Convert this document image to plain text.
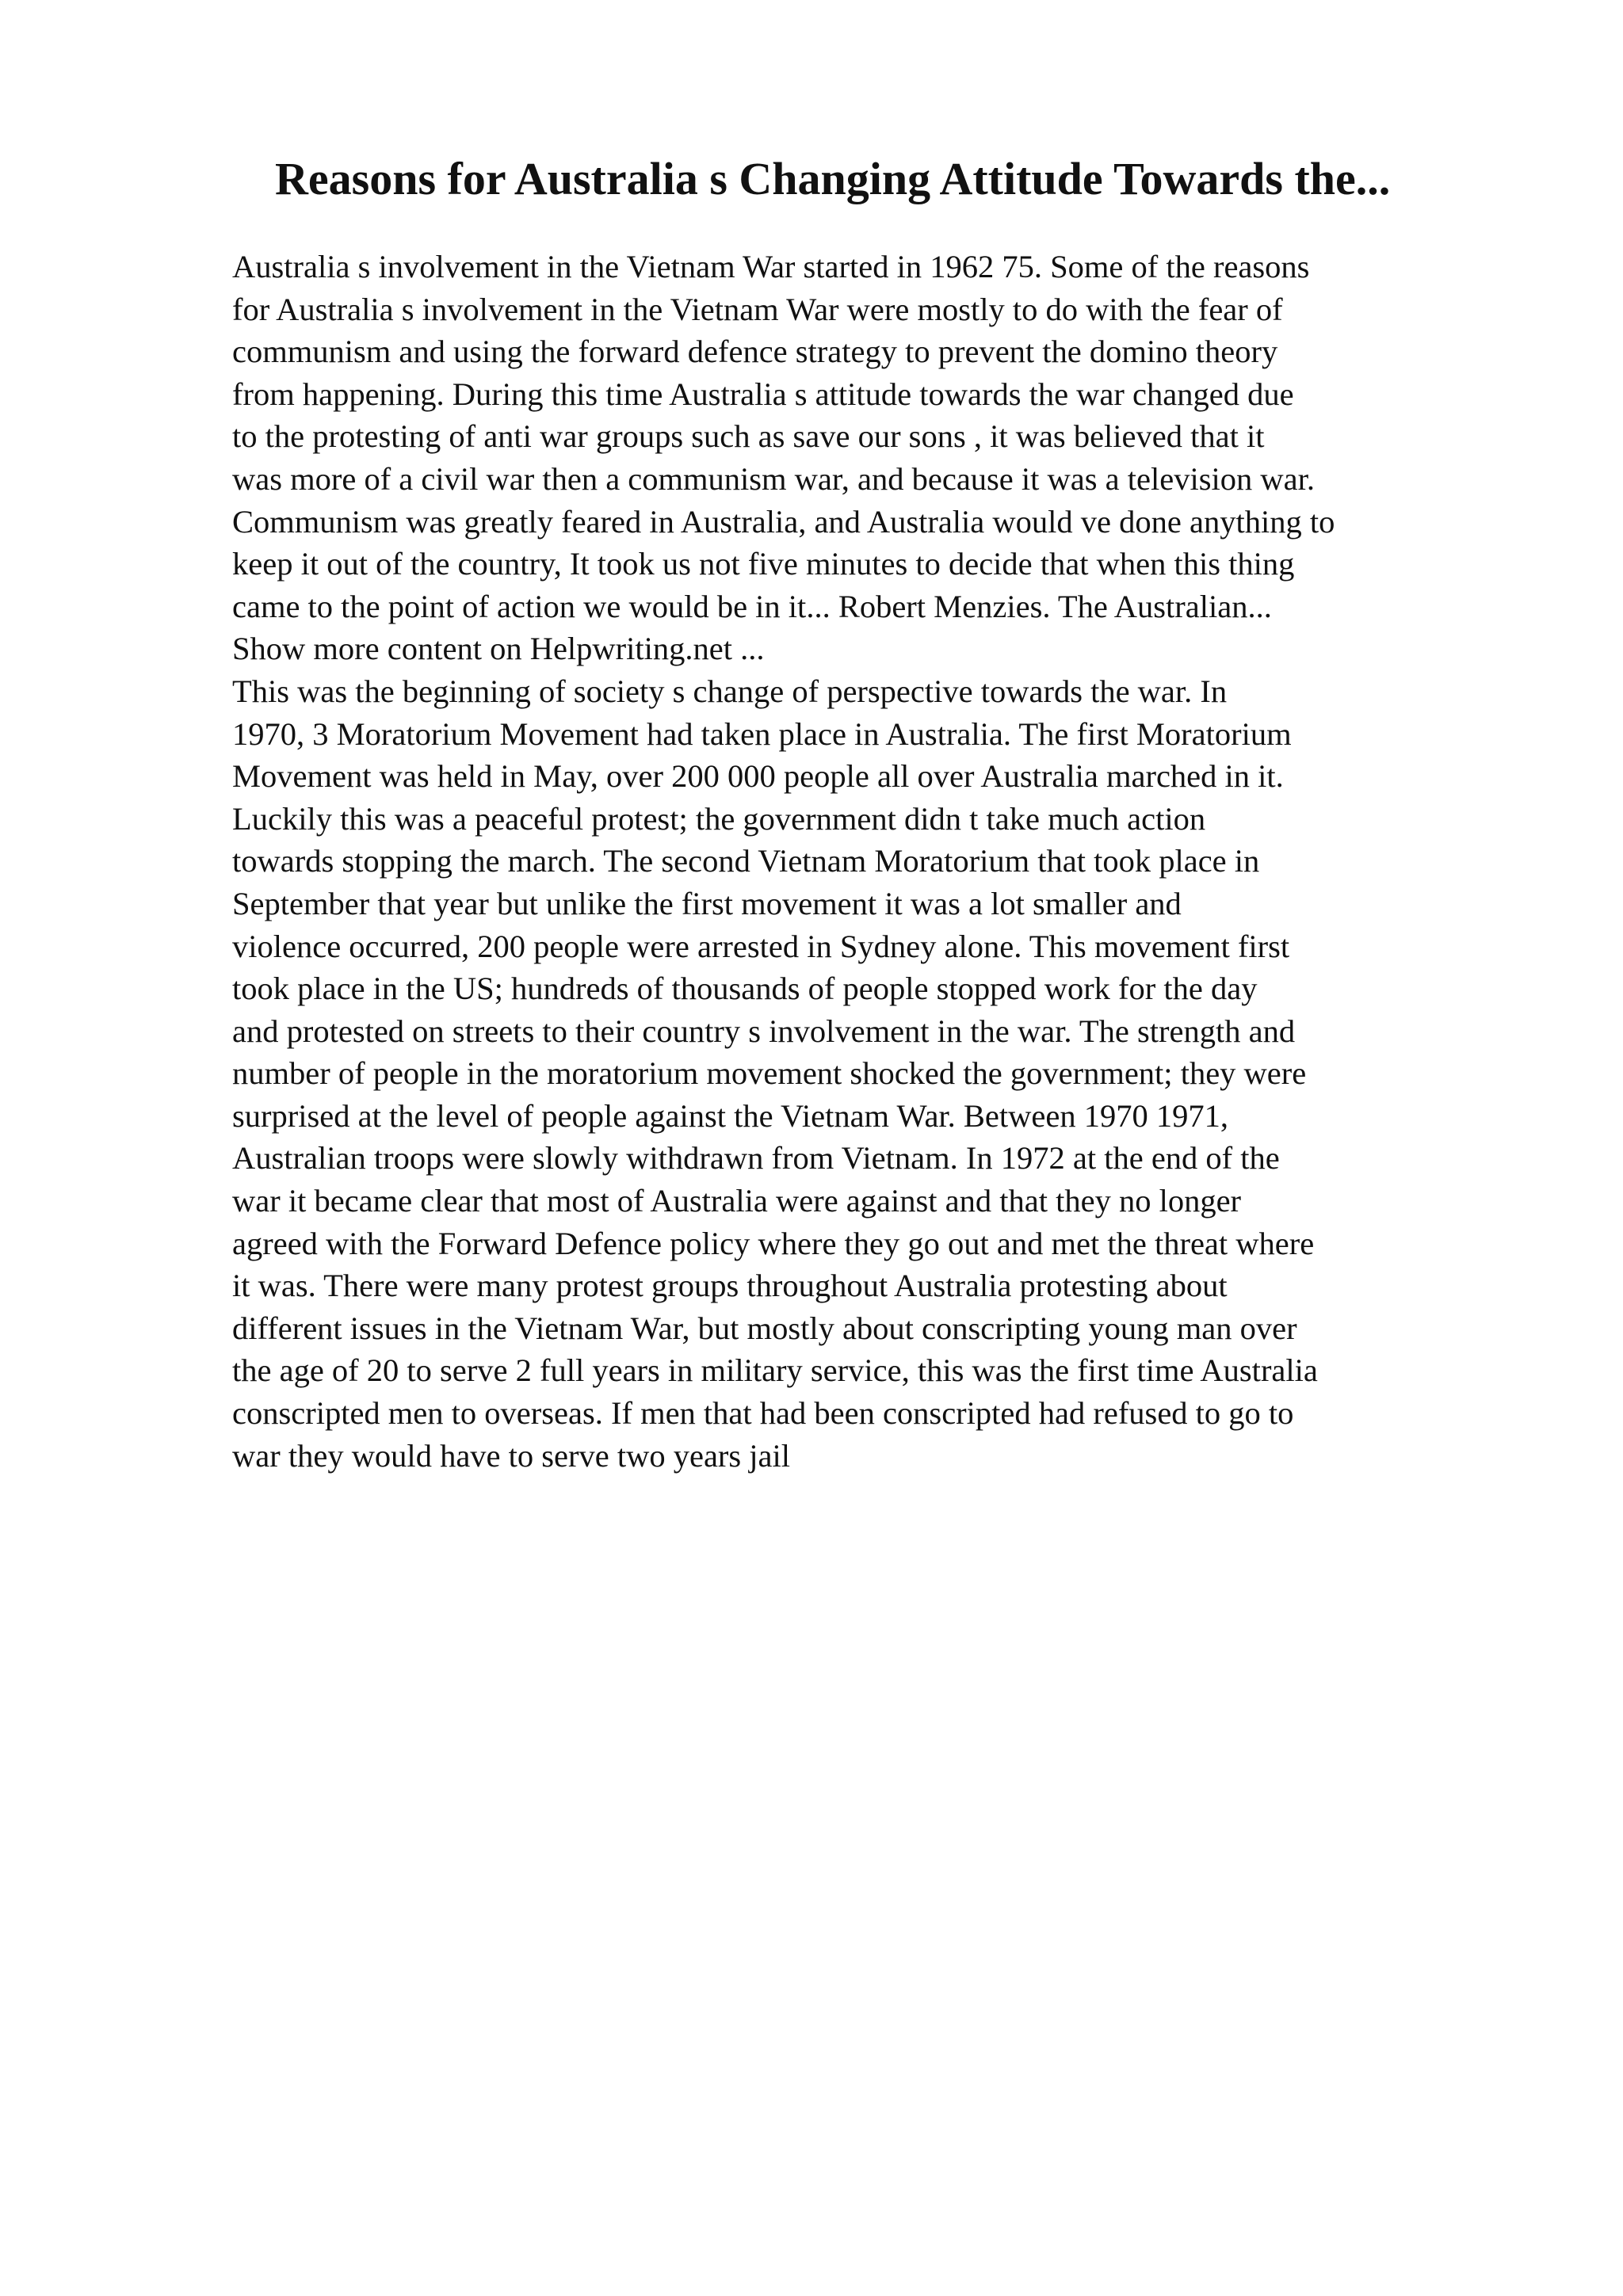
Reasons for Australia s Changing Attitude Towards the...
Australia s involvement in the Vietnam War started in 1962 75. Some of the reasons
for Australia s involvement in the Vietnam War were mostly to do with the fear of
communism and using the forward defence strategy to prevent the domino theory
from happening. During this time Australia s attitude towards the war changed due
to the protesting of anti war groups such as save our sons , it was believed that it
was more of a civil war then a communism war, and because it was a television war.
Communism was greatly feared in Australia, and Australia would ve done anything to
keep it out of the country, It took us not five minutes to decide that when this thing
came to the point of action we would be in it... Robert Menzies. The Australian...
Show more content on Helpwriting.net ...
This was the beginning of society s change of perspective towards the war. In
1970, 3 Moratorium Movement had taken place in Australia. The first Moratorium
Movement was held in May, over 200 000 people all over Australia marched in it.
Luckily this was a peaceful protest; the government didn t take much action
towards stopping the march. The second Vietnam Moratorium that took place in
September that year but unlike the first movement it was a lot smaller and
violence occurred, 200 people were arrested in Sydney alone. This movement first
took place in the US; hundreds of thousands of people stopped work for the day
and protested on streets to their country s involvement in the war. The strength and
number of people in the moratorium movement shocked the government; they were
surprised at the level of people against the Vietnam War. Between 1970 1971,
Australian troops were slowly withdrawn from Vietnam. In 1972 at the end of the
war it became clear that most of Australia were against and that they no longer
agreed with the Forward Defence policy where they go out and met the threat where
it was. There were many protest groups throughout Australia protesting about
different issues in the Vietnam War, but mostly about conscripting young man over
the age of 20 to serve 2 full years in military service, this was the first time Australia
conscripted men to overseas. If men that had been conscripted had refused to go to
war they would have to serve two years jail
